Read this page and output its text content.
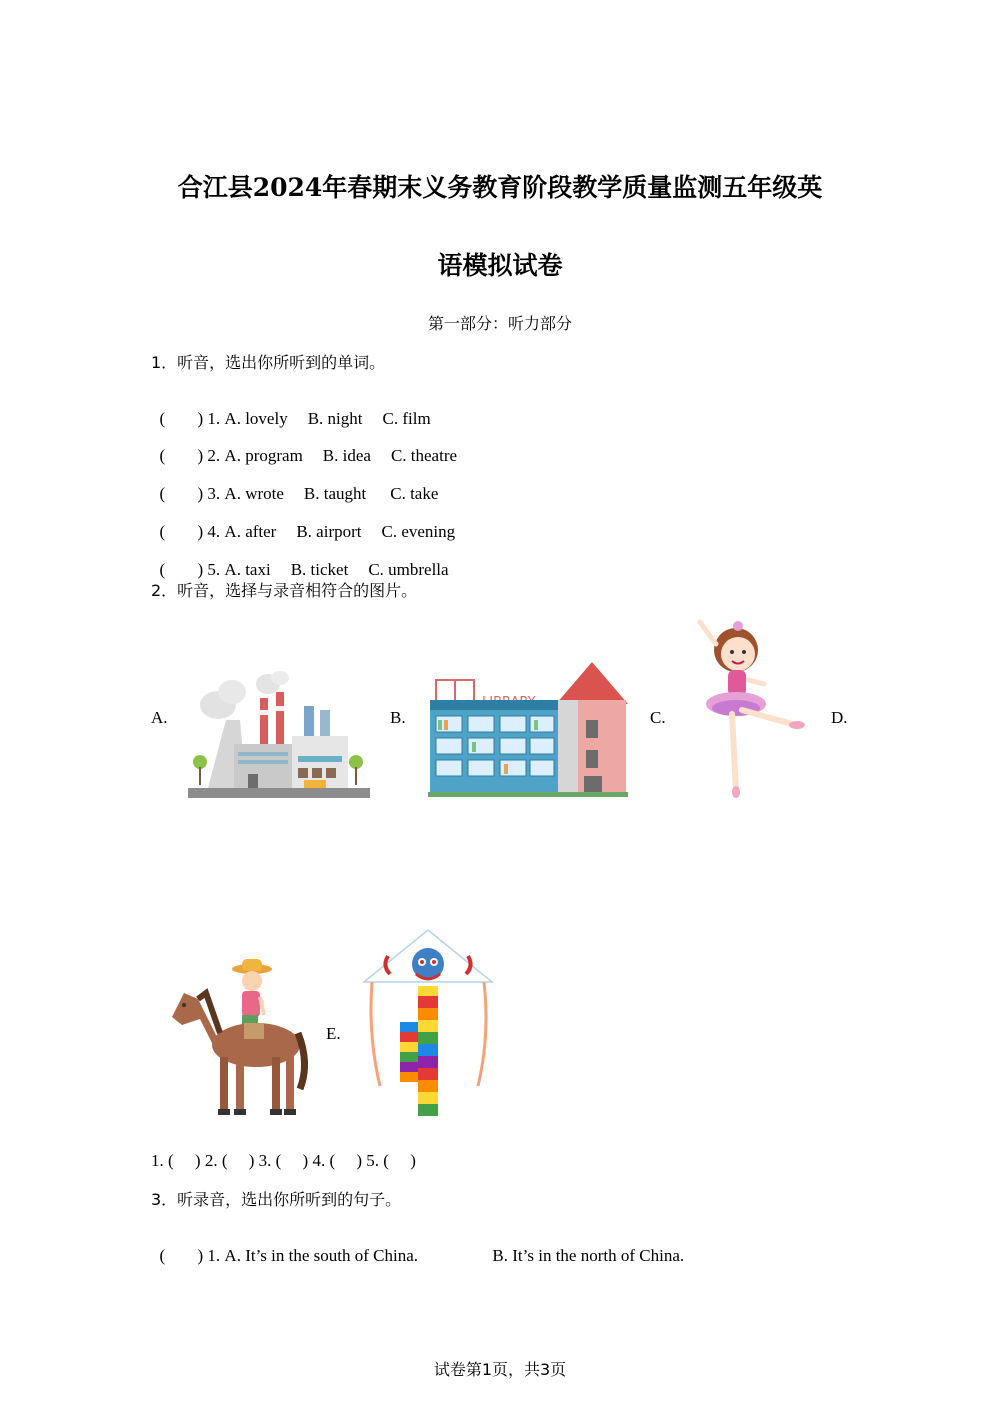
合江县2024年春期末义务教育阶段教学质量监测五年级英
语模拟试卷
第一部分：听力部分
1．听音，选出你所听到的单词。

( ) 1. A. lovely B. night C. film

( ) 2. A. program B. idea C. theatre

( ) 3. A. wrote B. taught C. take

( ) 4. A. after B. airport C. evening

( ) 5. A. taxi B. ticket C. umbrella

2．听音，选择与录音相符合的图片。
A.	B.	C.	D.
E.
1. (     ) 2. (     ) 3. (     ) 4. (     ) 5. (     )
3．听录音，选出你所听到的句子。

( ) 1. A. It’s in the south of China.	B. It’s in the north of China.

试卷第1页，共3页
